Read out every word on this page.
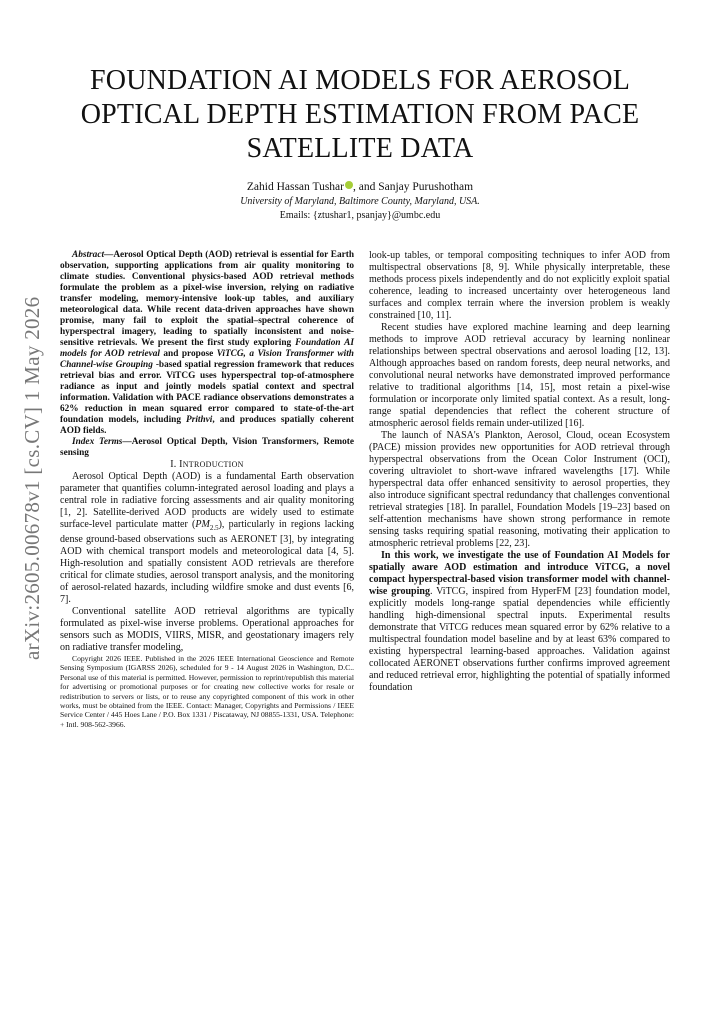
arXiv:2605.00678v1 [cs.CV] 1 May 2026
FOUNDATION AI MODELS FOR AEROSOL
OPTICAL DEPTH ESTIMATION FROM PACE
SATELLITE DATA
Zahid Hassan Tushar , and Sanjay Purushotham
University of Maryland, Baltimore County, Maryland, USA.
Emails: {ztushar1, psanjay}@umbc.edu

Abstract—Aerosol Optical Depth (AOD) retrieval is essential for Earth observation, supporting applications from air quality monitoring to climate studies. Conventional physics-based AOD retrieval methods formulate the problem as a pixel-wise inversion, relying on radiative transfer modeling, memory-intensive look-up tables, and auxiliary meteorological data. While recent data-driven approaches have shown promise, many fail to exploit the spatial–spectral coherence of hyperspectral imagery, leading to spatially inconsistent and noise-sensitive retrievals. We present the first study exploring Foundation AI models for AOD retrieval and propose ViTCG, a Vision Transformer with Channel-wise Grouping -based spatial regression framework that reduces retrieval bias and error. ViTCG uses hyperspectral top-of-atmosphere radiance as input and jointly models spatial context and spectral information. Validation with PACE radiance observations demonstrates a 62% reduction in mean squared error compared to state-of-the-art foundation models, including Prithvi, and produces spatially coherent AOD fields.

Index Terms—Aerosol Optical Depth, Vision Transformers, Remote sensing

I. INTRODUCTION

Aerosol Optical Depth (AOD) is a fundamental Earth observation parameter that quantifies column-integrated aerosol loading and plays a central role in radiative forcing assessments and air quality monitoring [1, 2]. Satellite-derived AOD products are widely used to estimate surface-level particulate matter $(PM_{2.5})$, particularly in regions lacking dense ground-based observations such as AERONET [3], by integrating AOD with chemical transport models and meteorological data [4, 5]. High-resolution and spatially consistent AOD retrievals are therefore critical for climate studies, aerosol transport analysis, and the monitoring of aerosol-related hazards, including wildfire smoke and dust events [6, 7].

Conventional satellite AOD retrieval algorithms are typically formulated as pixel-wise inverse problems. Operational approaches for sensors such as MODIS, VIIRS, MISR, and geostationary imagers rely on radiative transfer modeling,

Copyright 2026 IEEE. Published in the 2026 IEEE International Geoscience and Remote Sensing Symposium (IGARSS 2026), scheduled for 9 - 14 August 2026 in Washington, D.C.. Personal use of this material is permitted. However, permission to reprint/republish this material for advertising or promotional purposes or for creating new collective works for resale or redistribution to servers or lists, or to reuse any copyrighted component of this work in other works, must be obtained from the IEEE. Contact: Manager, Copyrights and Permissions / IEEE Service Center / 445 Hoes Lane / P.O. Box 1331 / Piscataway, NJ 08855-1331, USA. Telephone: + Intl. 908-562-3966.

look-up tables, or temporal compositing techniques to infer AOD from multispectral observations [8, 9]. While physically interpretable, these methods process pixels independently and do not explicitly exploit spatial coherence, leading to increased uncertainty over heterogeneous land surfaces and complex terrain where the inversion problem is weakly constrained [10, 11].

Recent studies have explored machine learning and deep learning methods to improve AOD retrieval accuracy by learning nonlinear relationships between spectral observations and aerosol loading [12, 13]. Although approaches based on random forests, deep neural networks, and convolutional neural networks have demonstrated improved performance relative to traditional algorithms [14, 15], most retain a pixel-wise formulation or incorporate only limited spatial context. As a result, long-range spatial dependencies that reflect the coherent structure of atmospheric aerosol fields remain under-utilized [16].

The launch of NASA's Plankton, Aerosol, Cloud, ocean Ecosystem (PACE) mission provides new opportunities for AOD retrieval through hyperspectral observations from the Ocean Color Instrument (OCI), covering ultraviolet to short-wave infrared wavelengths [17]. While hyperspectral data offer enhanced sensitivity to aerosol properties, they also introduce significant spectral redundancy that challenges conventional retrieval strategies [18]. In parallel, Foundation Models [19–23] based on self-attention mechanisms have shown strong performance in remote sensing tasks requiring spatial reasoning, motivating their application to atmospheric retrieval problems [22, 23].

In this work, we investigate the use of Foundation AI Models for spatially aware AOD estimation and introduce ViTCG, a novel compact hyperspectral-based vision transformer model with channel-wise grouping. ViTCG, inspired from HyperFM [23] foundation model, explicitly models long-range spatial dependencies while efficiently handling high-dimensional spectral inputs. Experimental results demonstrate that ViTCG reduces mean squared error by 62% relative to a multispectral foundation model baseline and by at least 63% compared to existing hyperspectral learning-based approaches. Validation against collocated AERONET observations further confirms improved agreement and reduced retrieval error, highlighting the potential of spatially informed foundation
